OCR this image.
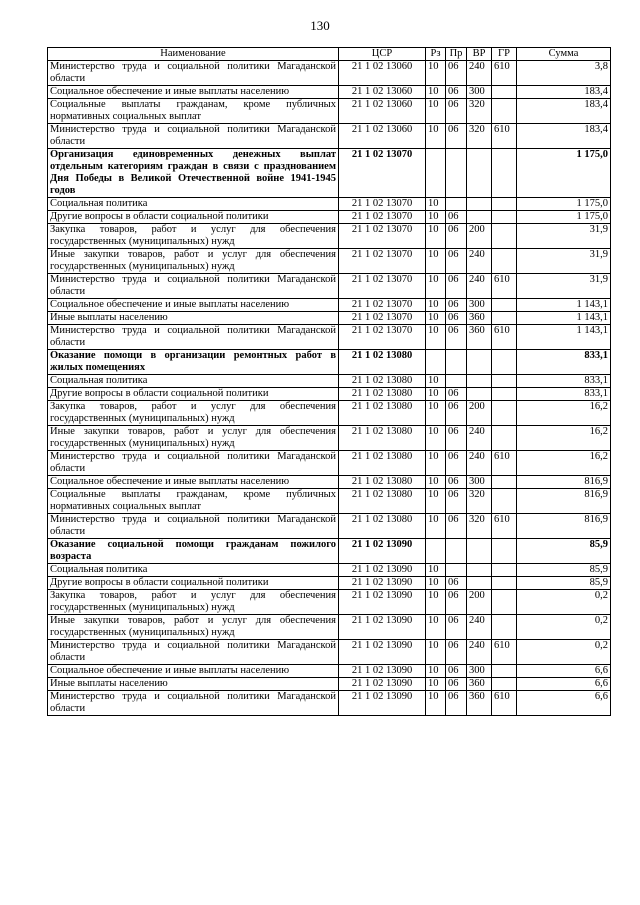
130
Наименование	ЦСР	Рз	Пр	ВР	ГР	Сумма
Министерство труда и социальной политики Магаданской области	21 1 02 13060	10	06	240	610	3,8
Социальное обеспечение и иные выплаты населению	21 1 02 13060	10	06	300		183,4
Социальные выплаты гражданам, кроме публичных нормативных социальных выплат	21 1 02 13060	10	06	320		183,4
Министерство труда и социальной политики Магаданской области	21 1 02 13060	10	06	320	610	183,4
Организация единовременных денежных выплат отдельным категориям граждан в связи с празднованием Дня Победы в Великой Отечественной войне 1941-1945 годов	21 1 02 13070					1 175,0
Социальная политика	21 1 02 13070	10				1 175,0
Другие вопросы в области социальной политики	21 1 02 13070	10	06			1 175,0
Закупка товаров, работ и услуг для обеспечения государственных (муниципальных) нужд	21 1 02 13070	10	06	200		31,9
Иные закупки товаров, работ и услуг для обеспечения государственных (муниципальных) нужд	21 1 02 13070	10	06	240		31,9
Министерство труда и социальной политики Магаданской области	21 1 02 13070	10	06	240	610	31,9
Социальное обеспечение и иные выплаты населению	21 1 02 13070	10	06	300		1 143,1
Иные выплаты населению	21 1 02 13070	10	06	360		1 143,1
Министерство труда и социальной политики Магаданской области	21 1 02 13070	10	06	360	610	1 143,1
Оказание помощи в организации ремонтных работ в жилых помещениях	21 1 02 13080					833,1
Социальная политика	21 1 02 13080	10				833,1
Другие вопросы в области социальной политики	21 1 02 13080	10	06			833,1
Закупка товаров, работ и услуг для обеспечения государственных (муниципальных) нужд	21 1 02 13080	10	06	200		16,2
Иные закупки товаров, работ и услуг для обеспечения государственных (муниципальных) нужд	21 1 02 13080	10	06	240		16,2
Министерство труда и социальной политики Магаданской области	21 1 02 13080	10	06	240	610	16,2
Социальное обеспечение и иные выплаты населению	21 1 02 13080	10	06	300		816,9
Социальные выплаты гражданам, кроме публичных нормативных социальных выплат	21 1 02 13080	10	06	320		816,9
Министерство труда и социальной политики Магаданской области	21 1 02 13080	10	06	320	610	816,9
Оказание социальной помощи гражданам пожилого возраста	21 1 02 13090					85,9
Социальная политика	21 1 02 13090	10				85,9
Другие вопросы в области социальной политики	21 1 02 13090	10	06			85,9
Закупка товаров, работ и услуг для обеспечения государственных (муниципальных) нужд	21 1 02 13090	10	06	200		0,2
Иные закупки товаров, работ и услуг для обеспечения государственных (муниципальных) нужд	21 1 02 13090	10	06	240		0,2
Министерство труда и социальной политики Магаданской области	21 1 02 13090	10	06	240	610	0,2
Социальное обеспечение и иные выплаты населению	21 1 02 13090	10	06	300		6,6
Иные выплаты населению	21 1 02 13090	10	06	360		6,6
Министерство труда и социальной политики Магаданской области	21 1 02 13090	10	06	360	610	6,6
